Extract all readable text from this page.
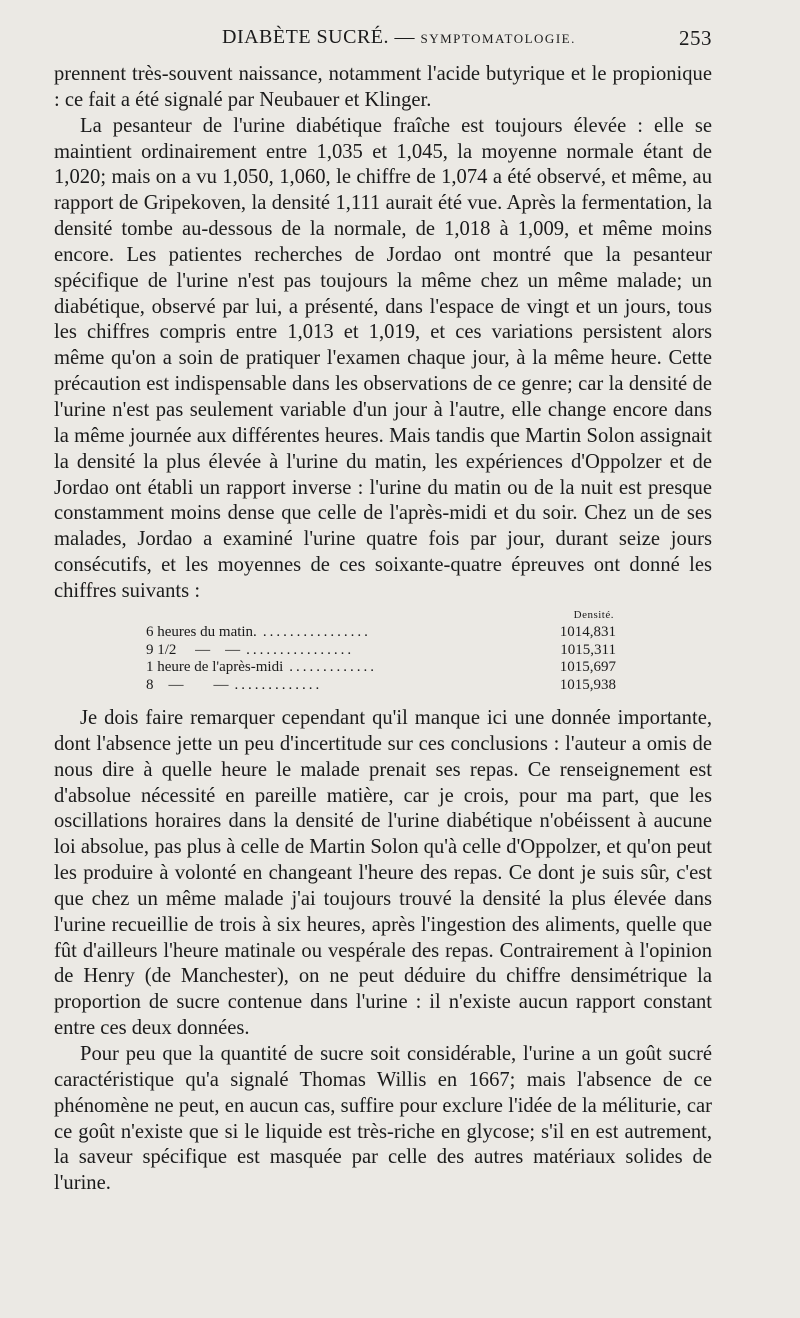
DIABÈTE SUCRÉ. — SYMPTOMATOLOGIE.	253

prennent très-souvent naissance, notamment l'acide butyrique et le propionique : ce fait a été signalé par Neubauer et Klinger.

La pesanteur de l'urine diabétique fraîche est toujours élevée : elle se maintient ordinairement entre 1,035 et 1,045, la moyenne normale étant de 1,020; mais on a vu 1,050, 1,060, le chiffre de 1,074 a été observé, et même, au rapport de Gripekoven, la densité 1,111 aurait été vue. Après la fermentation, la densité tombe au-dessous de la normale, de 1,018 à 1,009, et même moins encore. Les patientes recherches de Jordao ont montré que la pesanteur spécifique de l'urine n'est pas toujours la même chez un même malade; un diabétique, observé par lui, a présenté, dans l'espace de vingt et un jours, tous les chiffres compris entre 1,013 et 1,019, et ces variations persistent alors même qu'on a soin de pratiquer l'examen chaque jour, à la même heure. Cette précaution est indispensable dans les observations de ce genre; car la densité de l'urine n'est pas seulement variable d'un jour à l'autre, elle change encore dans la même journée aux différentes heures. Mais tandis que Martin Solon assignait la densité la plus élevée à l'urine du matin, les expériences d'Oppolzer et de Jordao ont établi un rapport inverse : l'urine du matin ou de la nuit est presque constamment moins dense que celle de l'après-midi et du soir. Chez un de ses malades, Jordao a examiné l'urine quatre fois par jour, durant seize jours consécutifs, et les moyennes de ces soixante-quatre épreuves ont donné les chiffres suivants :

Densité.
6 heures du matin. ................	1014,831
9 1/2     —    — ................	1015,311
1 heure de l'après-midi .............	1015,697
8    —        — .............	1015,938

Je dois faire remarquer cependant qu'il manque ici une donnée importante, dont l'absence jette un peu d'incertitude sur ces conclusions : l'auteur a omis de nous dire à quelle heure le malade prenait ses repas. Ce renseignement est d'absolue nécessité en pareille matière, car je crois, pour ma part, que les oscillations horaires dans la densité de l'urine diabétique n'obéissent à aucune loi absolue, pas plus à celle de Martin Solon qu'à celle d'Oppolzer, et qu'on peut les produire à volonté en changeant l'heure des repas. Ce dont je suis sûr, c'est que chez un même malade j'ai toujours trouvé la densité la plus élevée dans l'urine recueillie de trois à six heures, après l'ingestion des aliments, quelle que fût d'ailleurs l'heure matinale ou vespérale des repas. Contrairement à l'opinion de Henry (de Manchester), on ne peut déduire du chiffre densimétrique la proportion de sucre contenue dans l'urine : il n'existe aucun rapport constant entre ces deux données.

Pour peu que la quantité de sucre soit considérable, l'urine a un goût sucré caractéristique qu'a signalé Thomas Willis en 1667; mais l'absence de ce phénomène ne peut, en aucun cas, suffire pour exclure l'idée de la méliturie, car ce goût n'existe que si le liquide est très-riche en glycose; s'il en est autrement, la saveur spécifique est masquée par celle des autres matériaux solides de l'urine.
